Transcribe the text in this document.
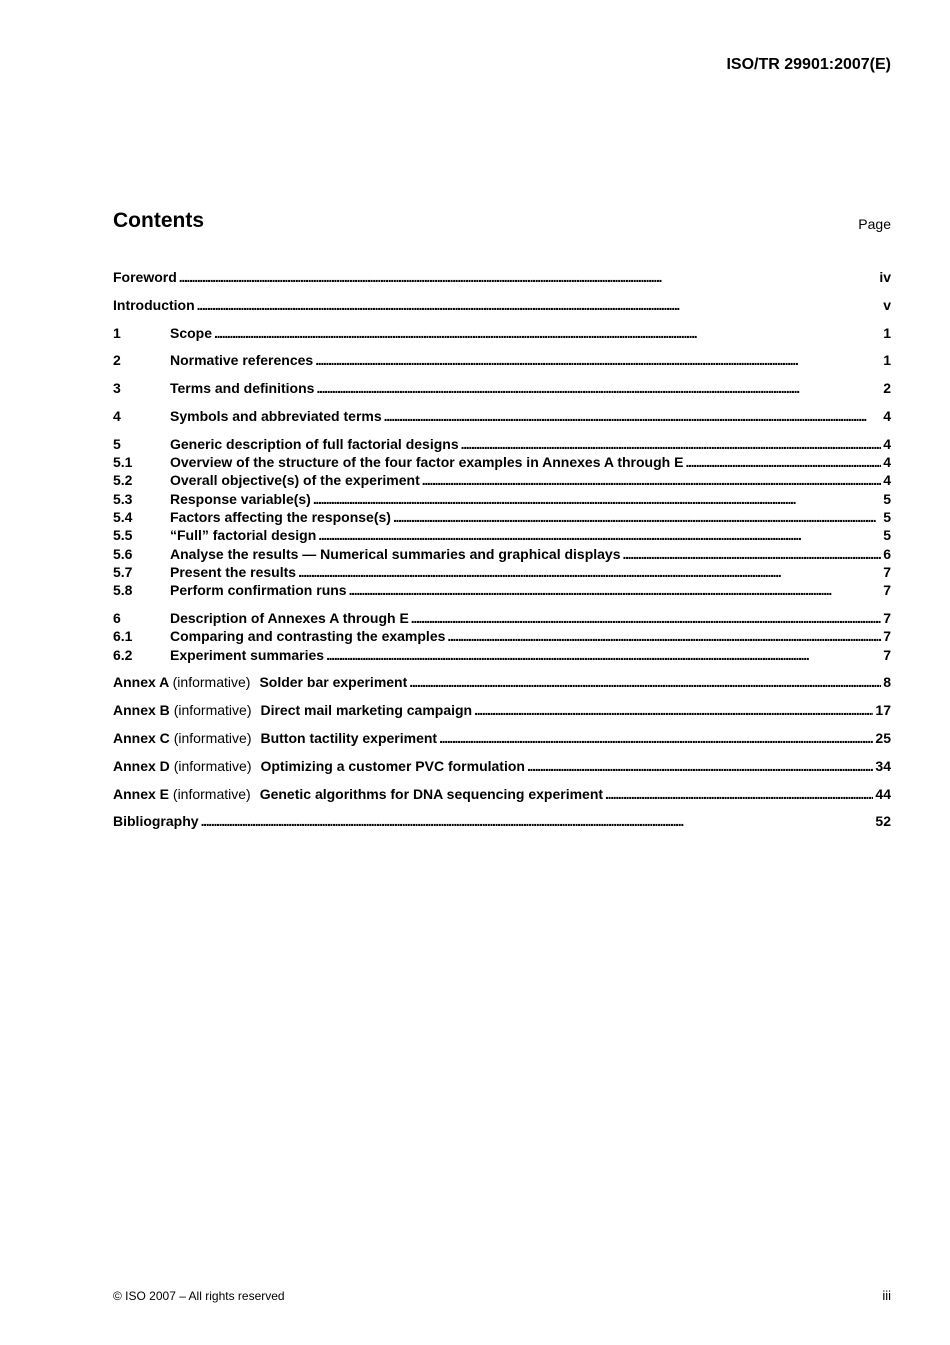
ISO/TR 29901:2007(E)
Contents	Page
Foreword . . .	iv
Introduction . . .	v
1	Scope . . .	1
2	Normative references . . .	1
3	Terms and definitions . . .	2
4	Symbols and abbreviated terms . . .	4
5	Generic description of full factorial designs . . .	4
5.1	Overview of the structure of the four factor examples in Annexes A through E . . .	4
5.2	Overall objective(s) of the experiment . . .	4
5.3	Response variable(s) . . .	5
5.4	Factors affecting the response(s) . . .	5
5.5	“Full” factorial design . . .	5
5.6	Analyse the results — Numerical summaries and graphical displays . . .	6
5.7	Present the results . . .	7
5.8	Perform confirmation runs . . .	7
6	Description of Annexes A through E . . .	7
6.1	Comparing and contrasting the examples . . .	7
6.2	Experiment summaries . . .	7
Annex A (informative) Solder bar experiment . . .	8
Annex B (informative) Direct mail marketing campaign . . .	17
Annex C (informative) Button tactility experiment . . .	25
Annex D (informative) Optimizing a customer PVC formulation . . .	34
Annex E (informative) Genetic algorithms for DNA sequencing experiment . . .	44
Bibliography . . .	52
© ISO 2007 – All rights reserved	iii
